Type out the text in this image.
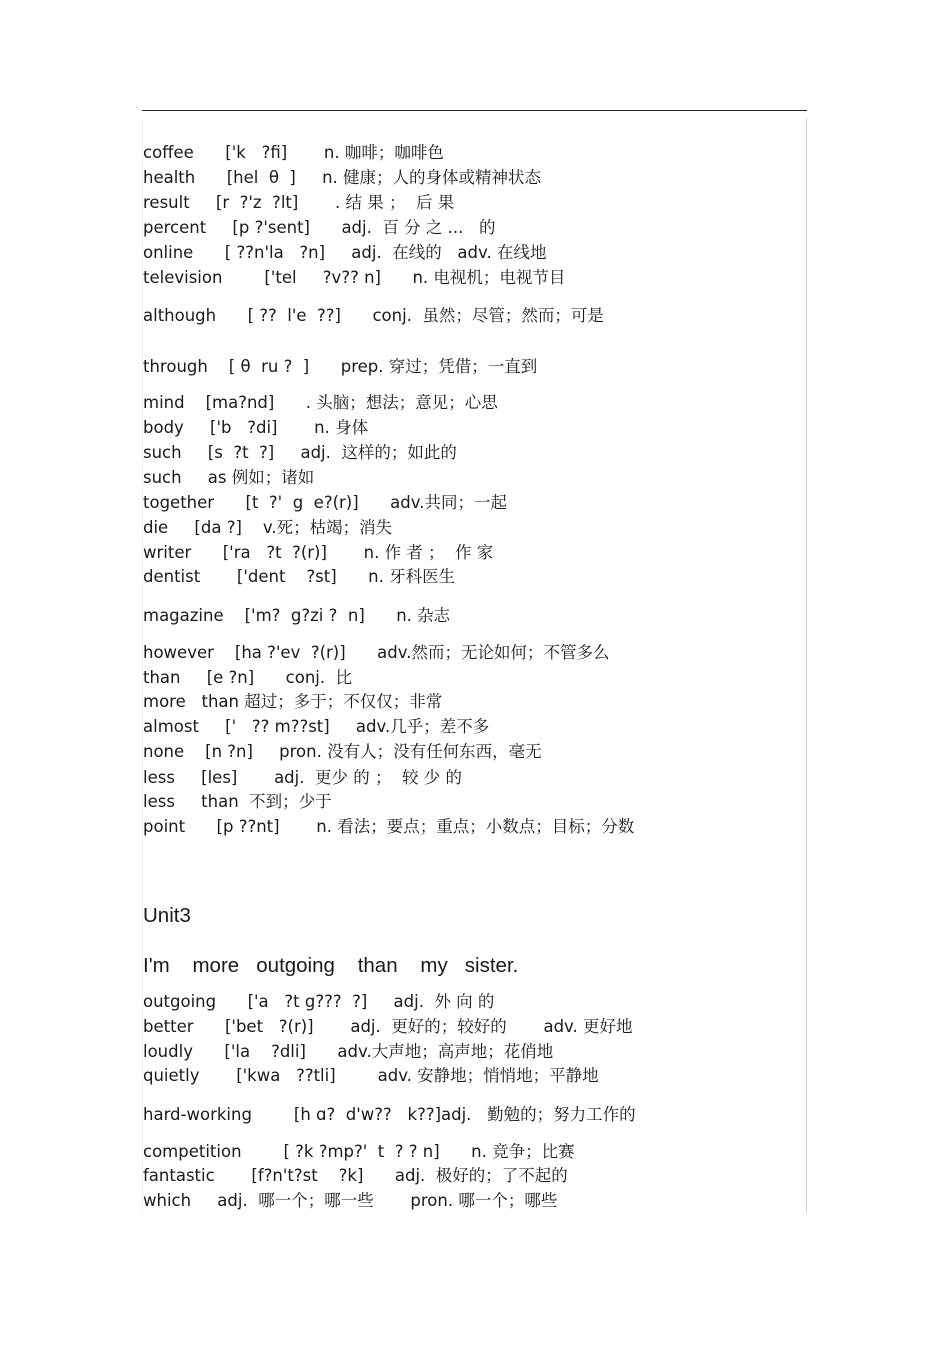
coffee      ['k   ?fi]       n. 咖啡；咖啡色
health      [hel  θ  ]     n. 健康；人的身体或精神状态
result     [r  ?'z  ?lt]       . 结 果 ；  后 果
percent     [p ?'sent]      adj.  百 分 之 ...   的
online      [ ??n'la   ?n]     adj.  在线的   adv. 在线地
television        ['tel     ?v?? n]      n. 电视机；电视节目
although      [ ??  l'e  ??]      conj.  虽然；尽管；然而；可是
through    [ θ  ru ?  ]      prep. 穿过；凭借；一直到
mind    [ma?nd]      . 头脑；想法；意见；心思
body     ['b   ?di]       n. 身体
such     [s  ?t  ?]     adj.  这样的；如此的
such     as 例如；诸如
together      [t  ?'  g  e?(r)]      adv.共同；一起
die     [da ?]    v.死；枯竭；消失
writer      ['ra   ?t  ?(r)]       n. 作 者 ；  作 家
dentist       ['dent    ?st]      n. 牙科医生
magazine    ['m?  g?zi ?  n]      n. 杂志
however    [ha ?'ev  ?(r)]      adv.然而；无论如何；不管多么
than     [e ?n]      conj.  比
more   than 超过；多于；不仅仅；非常
almost     ['   ?? m??st]     adv.几乎；差不多
none    [n ?n]     pron. 没有人；没有任何东西，毫无
less     [les]       adj.  更少 的 ；  较 少 的
less     than  不到；少于
point      [p ??nt]       n. 看法；要点；重点；小数点；目标；分数
Unit3
I'm    more   outgoing    than    my   sister.
outgoing      ['a   ?t g???  ?]     adj.  外 向 的
better      ['bet   ?(r)]       adj.  更好的；较好的       adv. 更好地
loudly      ['la    ?dli]      adv.大声地；高声地；花俏地
quietly       ['kwa   ??tli]        adv. 安静地；悄悄地；平静地
hard-working        [h ɑ?  d'w??   k??]adj.   勤勉的；努力工作的
competition        [ ?k ?mp?'  t  ? ? n]      n. 竞争；比赛
fantastic       [f?n't?st    ?k]      adj.  极好的；了不起的
which     adj.  哪一个；哪一些       pron. 哪一个；哪些
